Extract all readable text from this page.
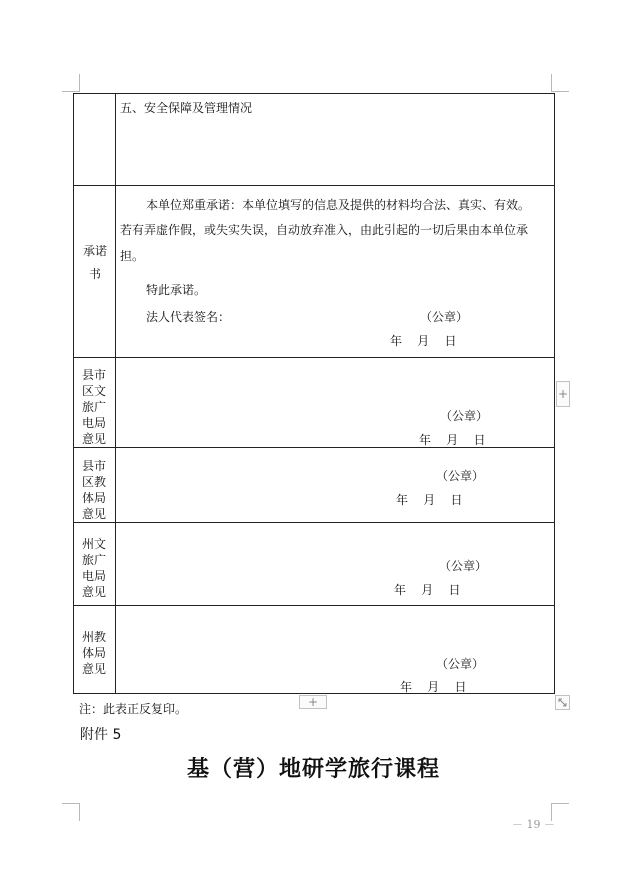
五、安全保障及管理情况
承诺书
本单位郑重承诺：本单位填写的信息及提供的材料均合法、真实、有效。
若有弄虚作假，或失实失误，自动放弃准入，由此引起的一切后果由本单位承
担。
特此承诺。
法人代表签名：	（公章）
年    月    日
县市区文旅广电局意见
（公章）
年    月    日
县市区教体局意见
（公章）
年    月    日
州文旅广电局意见
（公章）
年    月    日
州教体局意见	（公章）
年    月    日
+
+
注：此表正反复印。
附件 5
基（营）地研学旅行课程
－ 19 －
